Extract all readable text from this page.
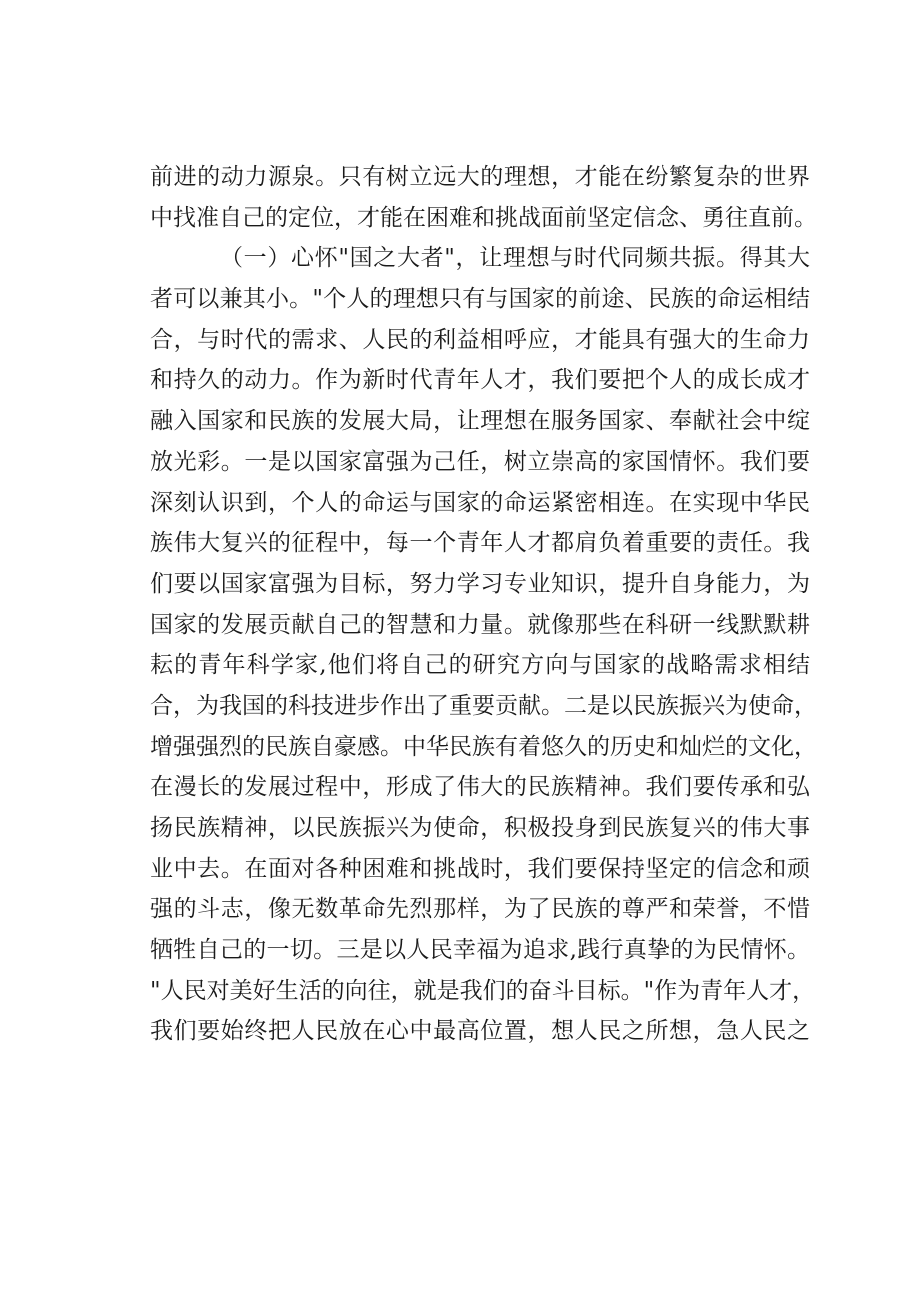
前进的动力源泉。只有树立远大的理想，才能在纷繁复杂的世界
中找准自己的定位，才能在困难和挑战面前坚定信念、勇往直前。
（一）心怀"国之大者"，让理想与时代同频共振。得其大
者可以兼其小。"个人的理想只有与国家的前途、民族的命运相结
合，与时代的需求、人民的利益相呼应，才能具有强大的生命力
和持久的动力。作为新时代青年人才，我们要把个人的成长成才
融入国家和民族的发展大局，让理想在服务国家、奉献社会中绽
放光彩。一是以国家富强为己任，树立崇高的家国情怀。我们要
深刻认识到，个人的命运与国家的命运紧密相连。在实现中华民
族伟大复兴的征程中，每一个青年人才都肩负着重要的责任。我
们要以国家富强为目标，努力学习专业知识，提升自身能力，为
国家的发展贡献自己的智慧和力量。就像那些在科研一线默默耕
耘的青年科学家,他们将自己的研究方向与国家的战略需求相结
合，为我国的科技进步作出了重要贡献。二是以民族振兴为使命，
增强强烈的民族自豪感。中华民族有着悠久的历史和灿烂的文化，
在漫长的发展过程中，形成了伟大的民族精神。我们要传承和弘
扬民族精神，以民族振兴为使命，积极投身到民族复兴的伟大事
业中去。在面对各种困难和挑战时，我们要保持坚定的信念和顽
强的斗志，像无数革命先烈那样，为了民族的尊严和荣誉，不惜
牺牲自己的一切。三是以人民幸福为追求,践行真挚的为民情怀。
"人民对美好生活的向往，就是我们的奋斗目标。"作为青年人才，
我们要始终把人民放在心中最高位置，想人民之所想，急人民之
